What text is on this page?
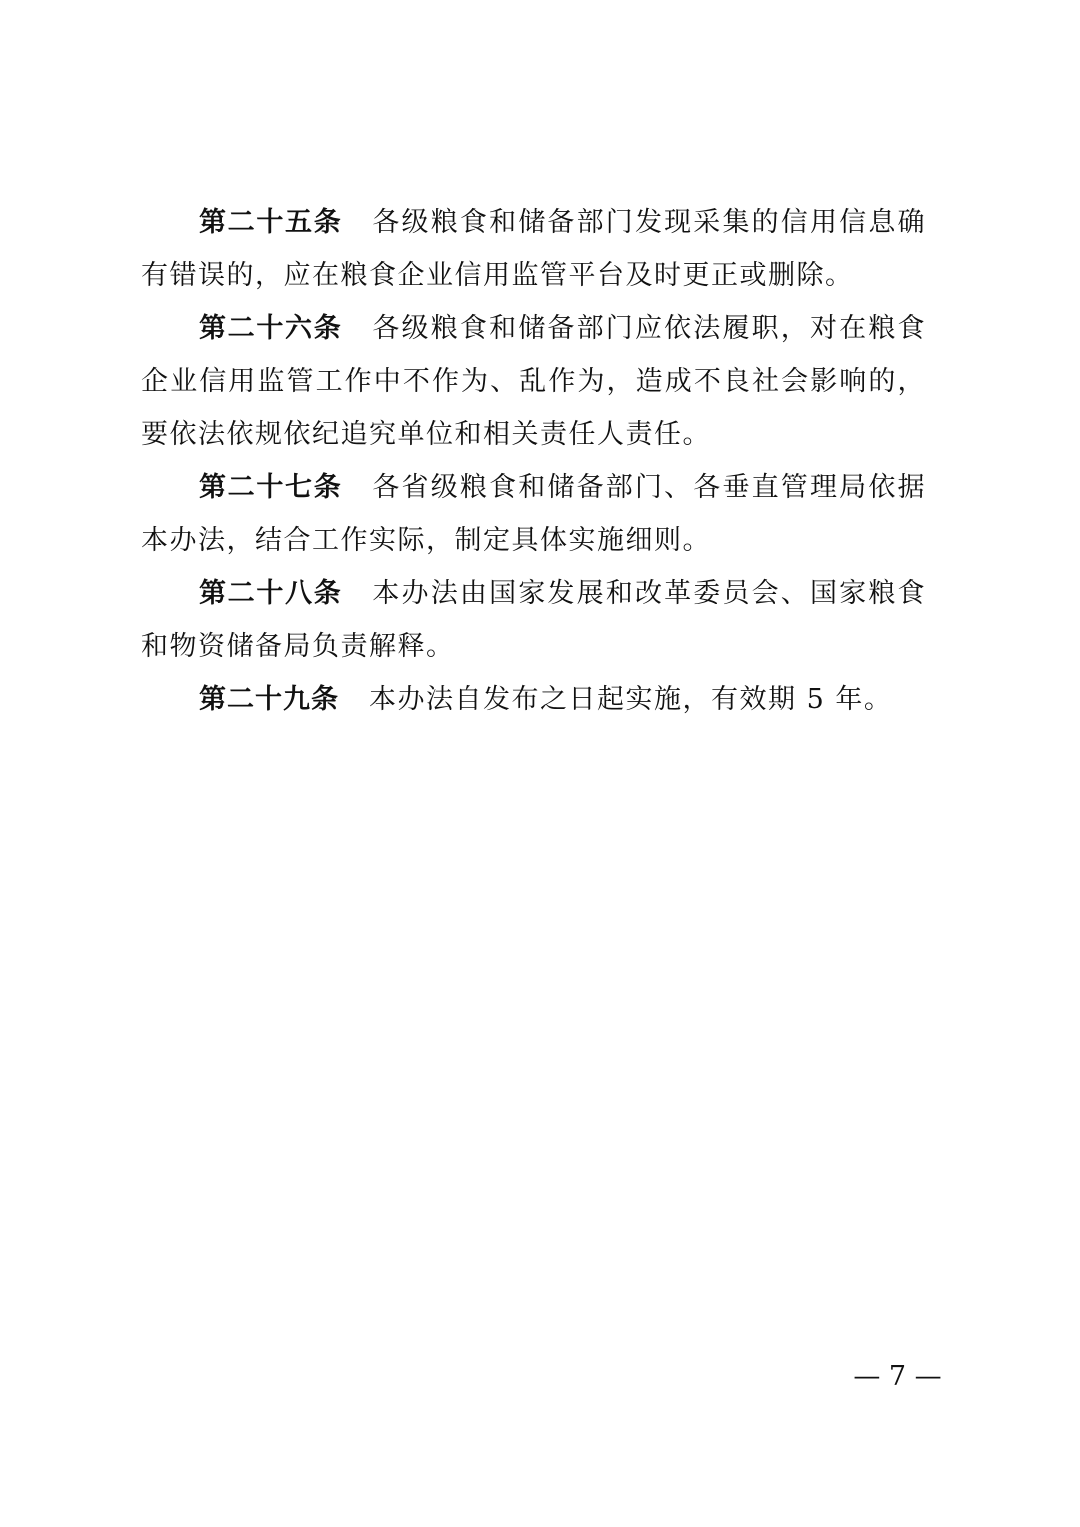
第二十五条 各级粮食和储备部门发现采集的信用信息确有错误的，应在粮食企业信用监管平台及时更正或删除。

第二十六条 各级粮食和储备部门应依法履职，对在粮食企业信用监管工作中不作为、乱作为，造成不良社会影响的，要依法依规依纪追究单位和相关责任人责任。

第二十七条 各省级粮食和储备部门、各垂直管理局依据本办法，结合工作实际，制定具体实施细则。

第二十八条 本办法由国家发展和改革委员会、国家粮食和物资储备局负责解释。

第二十九条 本办法自发布之日起实施，有效期 5 年。

— 7 —
